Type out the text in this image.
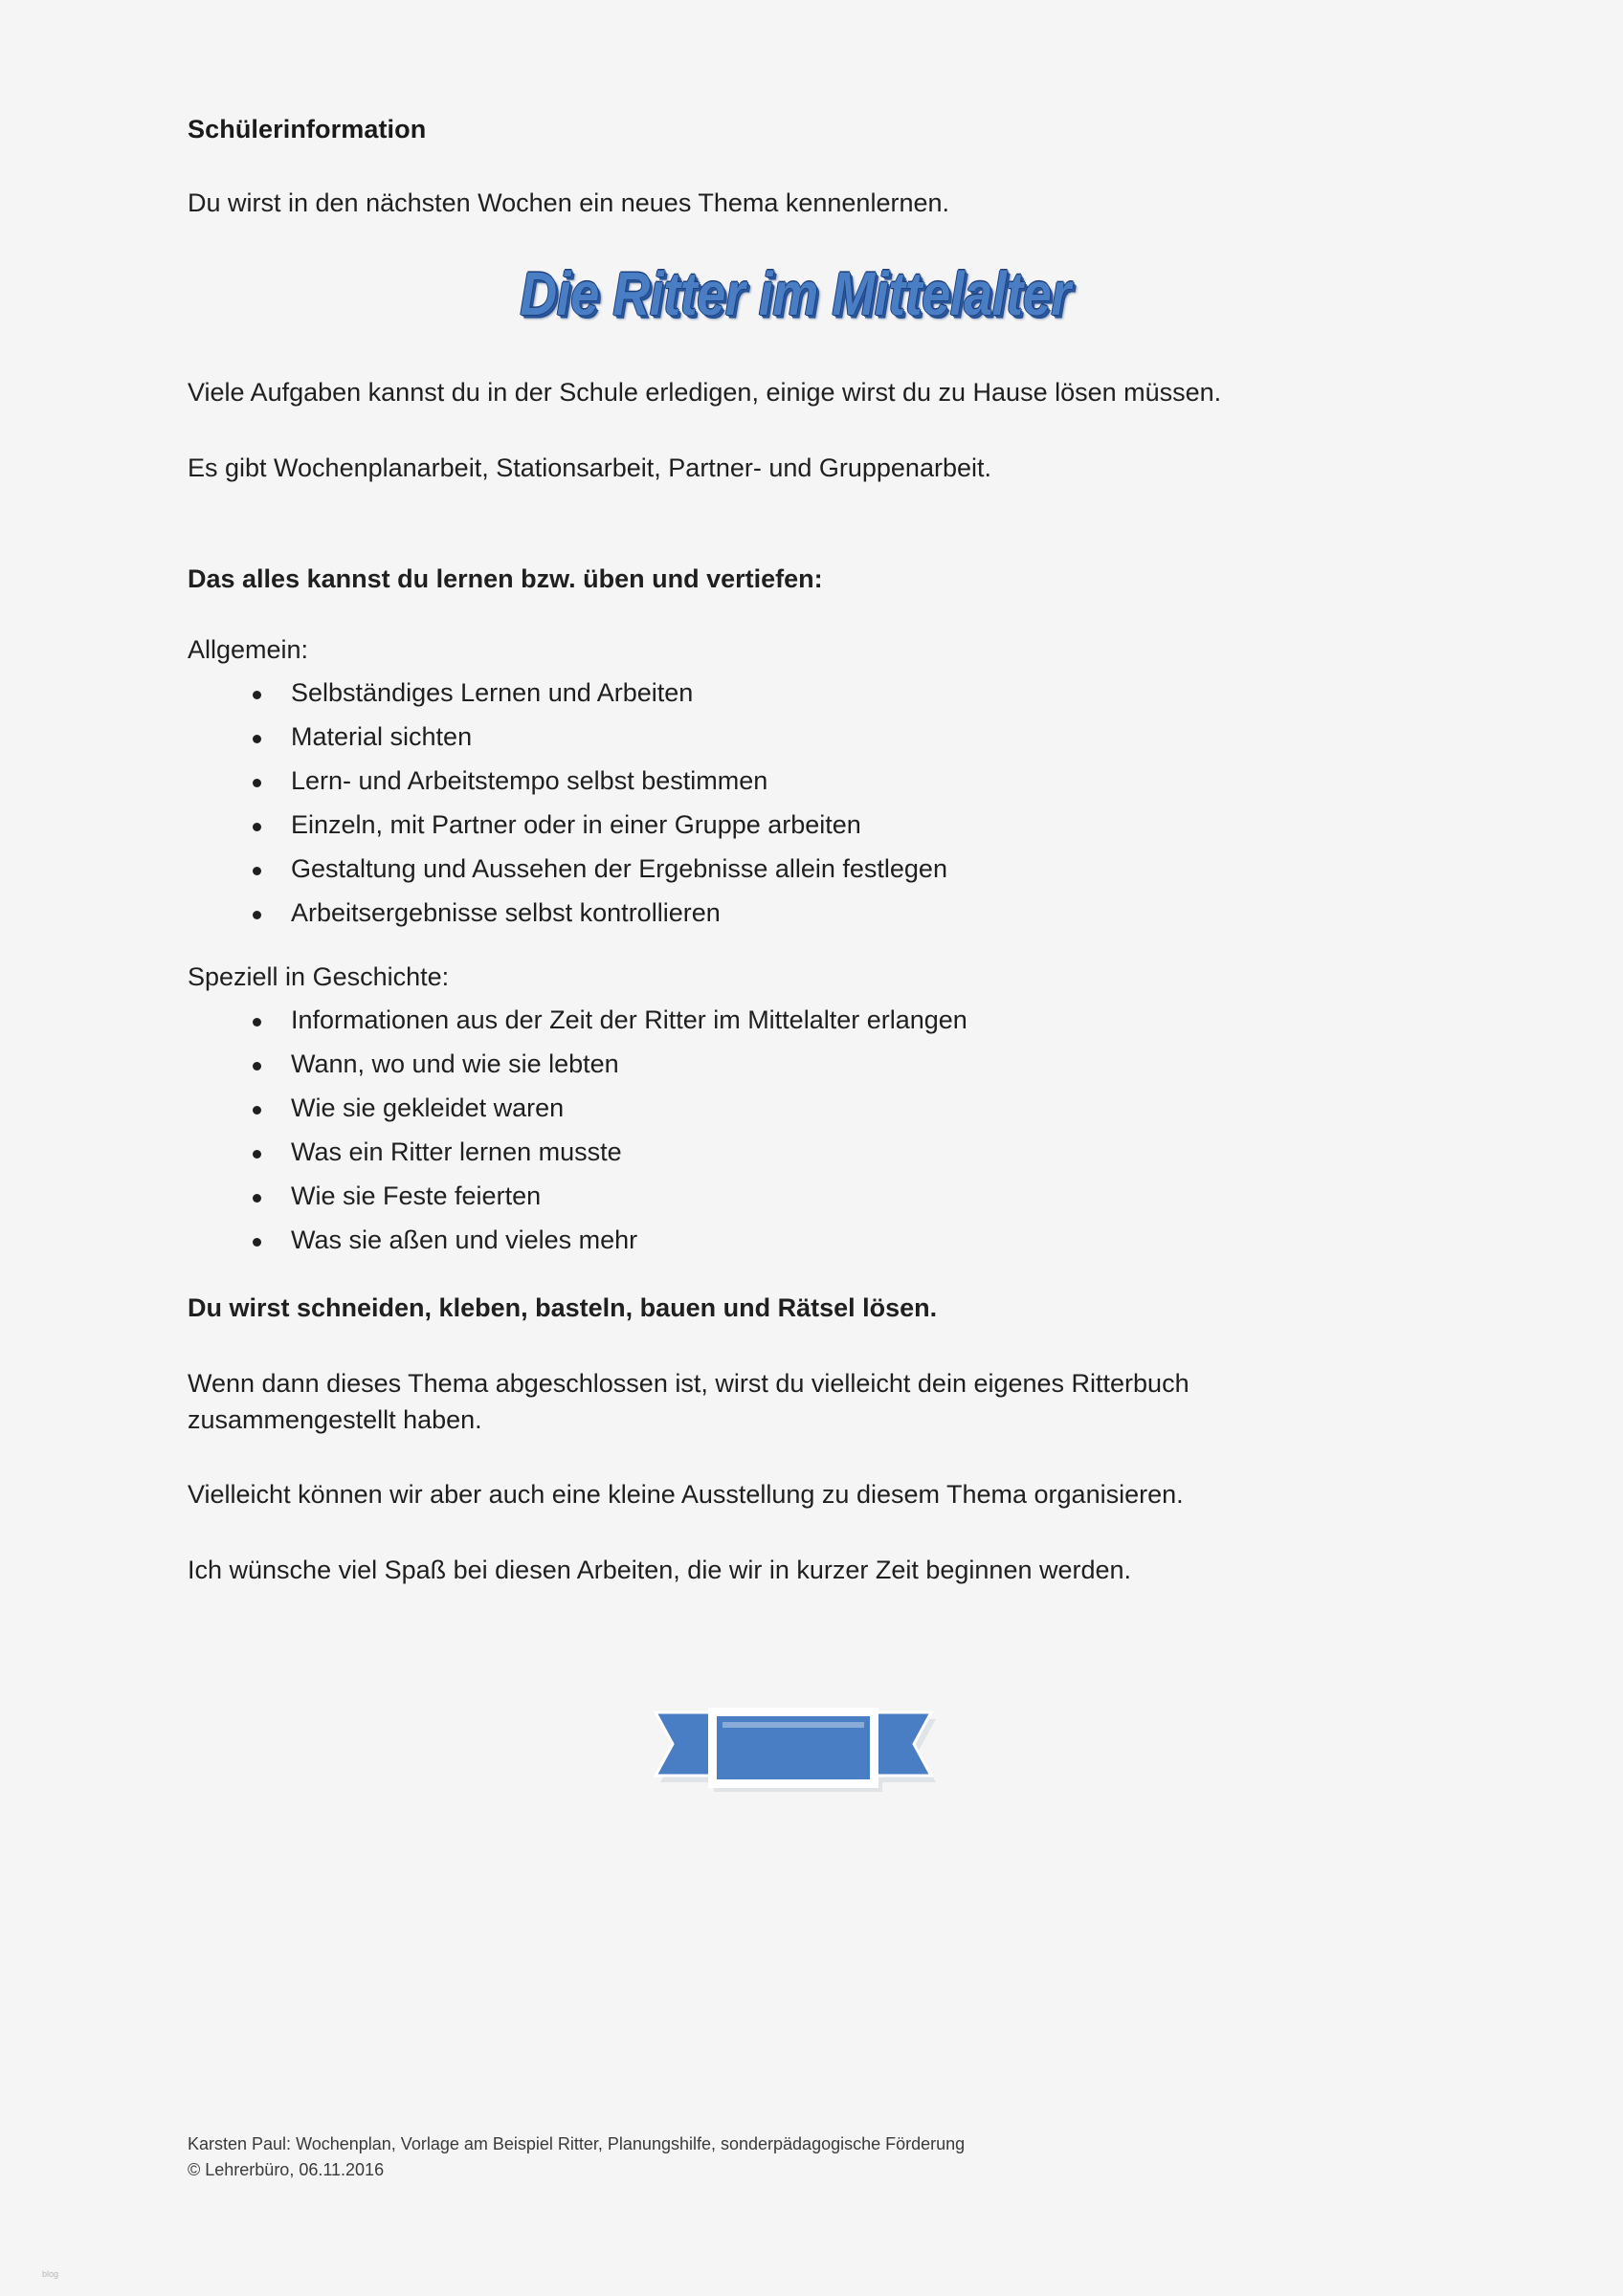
Schülerinformation

Du wirst in den nächsten Wochen ein neues Thema kennenlernen.

Die Ritter im Mittelalter

Viele Aufgaben kannst du in der Schule erledigen, einige wirst du zu Hause lösen müssen.

Es gibt Wochenplanarbeit, Stationsarbeit, Partner- und Gruppenarbeit.

Das alles kannst du lernen bzw. üben und vertiefen:

Allgemein:

Selbständiges Lernen und Arbeiten
Material sichten
Lern- und Arbeitstempo selbst bestimmen
Einzeln, mit Partner oder in einer Gruppe arbeiten
Gestaltung und Aussehen der Ergebnisse allein festlegen
Arbeitsergebnisse selbst kontrollieren

Speziell in Geschichte:

Informationen aus der Zeit der Ritter im Mittelalter erlangen
Wann, wo und wie sie lebten
Wie sie gekleidet waren
Was ein Ritter lernen musste
Wie sie Feste feierten
Was sie aßen und vieles mehr

Du wirst schneiden, kleben, basteln, bauen und Rätsel lösen.

Wenn dann dieses Thema abgeschlossen ist, wirst du vielleicht dein eigenes Ritterbuch zusammengestellt haben.

Vielleicht können wir aber auch eine kleine Ausstellung zu diesem Thema organisieren.

Ich wünsche viel Spaß bei diesen Arbeiten, die wir in kurzer Zeit beginnen werden.

Karsten Paul: Wochenplan, Vorlage am Beispiel Ritter, Planungshilfe, sonderpädagogische Förderung
© Lehrerbüro, 06.11.2016
blog
